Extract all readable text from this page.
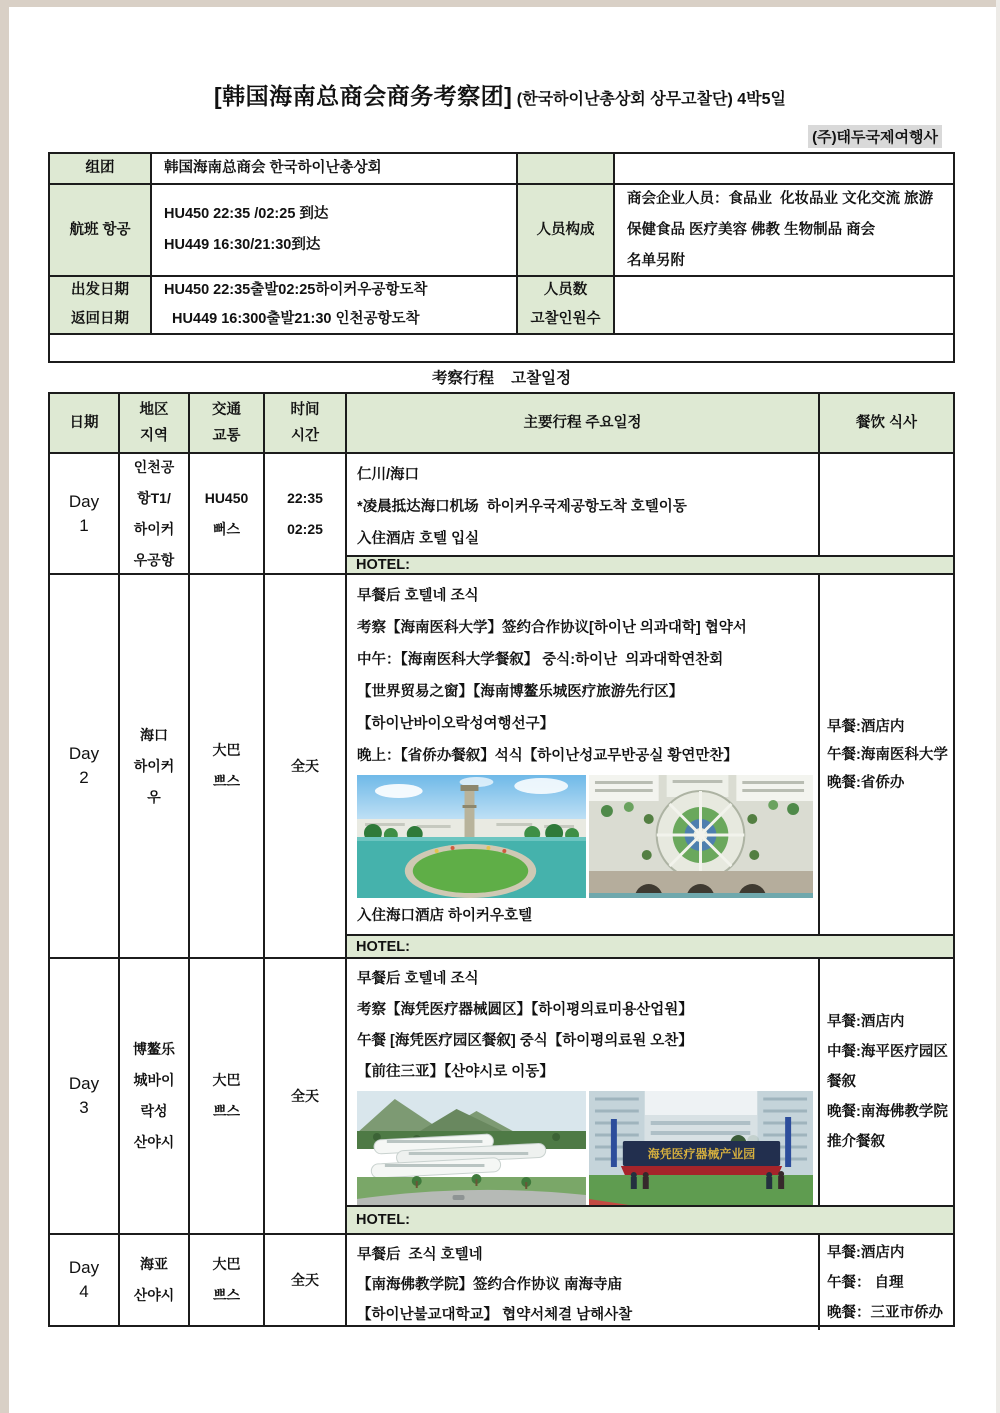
[韩国海南总商会商务考察团] (한국하이난총상회 상무고찰단) 4박5일
(주)태두국제여행사
组团	韩国海南总商会 한국하이난총상회
航班 항공
HU450 22:35 /02:25 到达
HU449 16:30/21:30到达
人员构成
商会企业人员：食品业  化妆品业 文化交流 旅游
保健食品 医疗美容 佛教 生物制品 商会
名单另附
出发日期
返回日期
HU450 22:35출발02:25하이커우공항도착
HU449 16:300출발21:30 인천공항도착
人员数
고찰인원수
考察行程    고찰일정
日期
地区
지역
交通
교통
时间
시간
主要行程 주요일정	餐饮 식사
Day
1
인천공
항T1/
하이커
우공항
HU450
뻐스
22:35
02:25
仁川/海口
*凌晨抵达海口机场  하이커우국제공항도착 호텔이동
入住酒店 호텔 입실
HOTEL:
Day
2
海口
하이커
우
大巴
쁘스
全天
早餐后 호텔네 조식
考察【海南医科大学】签约合作协议[하이난 의과대학] 협약서
中午：【海南医科大学餐叙】 중식:하이난  의과대학연찬회
【世界贸易之窗】【海南博鳌乐城医疗旅游先行区】
【하이난바이오락성여행선구】
晚上：【省侨办餐叙】석식【하이난성교무반공실 황연만찬】
入住海口酒店 하이커우호텔
早餐:酒店内
午餐:海南医科大学
晚餐:省侨办
HOTEL:
Day
3
博鳌乐
城바이
락성
산야시
大巴
쁘스
全天
早餐后 호텔네 조식
考察【海凭医疗器械圆区】【하이평의료미용산업원】
午餐 [海凭医疗园区餐叙] 중식【하이평의료원 오찬】
【前往三亚】【산야시로 이동】
海凭医疗器械产业园
早餐:酒店内
中餐:海平医疗园区
餐叙
晚餐:南海佛教学院
推介餐叙
HOTEL:
Day
4
海亚
산야시
大巴
쁘스
全天
早餐后  조식 호텔네
【南海佛教学院】签约合作协议 南海寺庙
【하이난불교대학교】 협약서체결 남해사찰
早餐:酒店内
午餐： 自理
晚餐：三亚市侨办
